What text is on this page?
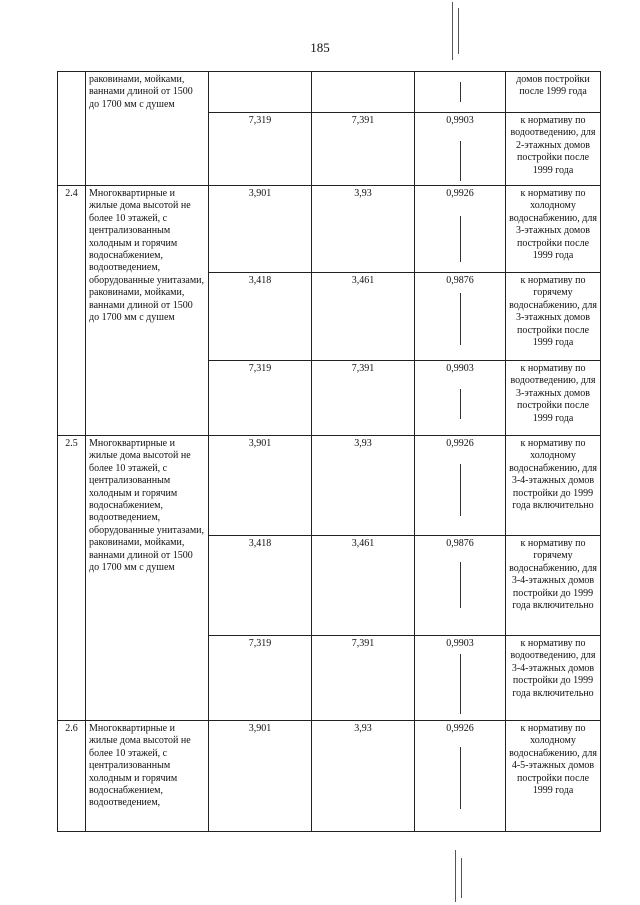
185
	раковинами, мойками, ваннами длиной от 1500 до 1700 мм с душем				домов постройки после 1999 года
		7,319	7,391	0,9903	к нормативу по водоотведению, для 2-этажных домов постройки после 1999 года
2.4	Многоквартирные и жилые дома высотой не более 10 этажей, с централизованным холодным и горячим водоснабжением, водоотведением, оборудованные унитазами, раковинами, мойками, ваннами длиной от 1500 до 1700 мм с душем	3,901	3,93	0,9926	к нормативу по холодному водоснабжению, для 3-этажных домов постройки после 1999 года
		3,418	3,461	0,9876	к нормативу по горячему водоснабжению, для 3-этажных домов постройки после 1999 года
		7,319	7,391	0,9903	к нормативу по водоотведению, для 3-этажных домов постройки после 1999 года
2.5	Многоквартирные и жилые дома высотой не более 10 этажей, с централизованным холодным и горячим водоснабжением, водоотведением, оборудованные унитазами, раковинами, мойками, ваннами длиной от 1500 до 1700 мм с душем	3,901	3,93	0,9926	к нормативу по холодному водоснабжению, для 3-4-этажных домов постройки до 1999 года включительно
		3,418	3,461	0,9876	к нормативу по горячему водоснабжению, для 3-4-этажных домов постройки до 1999 года включительно
		7,319	7,391	0,9903	к нормативу по водоотведению, для 3-4-этажных домов постройки до 1999 года включительно
2.6	Многоквартирные и жилые дома высотой не более 10 этажей, с централизованным холодным и горячим водоснабжением, водоотведением,	3,901	3,93	0,9926	к нормативу по холодному водоснабжению, для 4-5-этажных домов постройки после 1999 года
